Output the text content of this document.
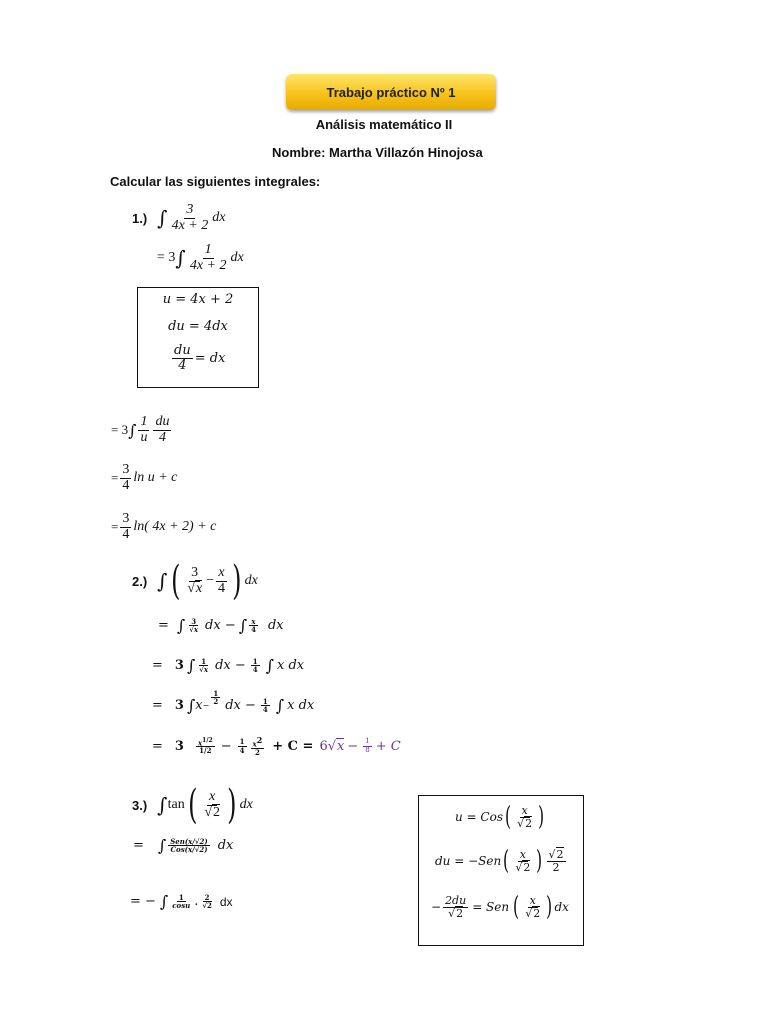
Trabajo práctico Nº 1
Análisis matemático II
Nombre: Martha Villazón Hinojosa
Calcular las siguientes integrales:
1.) ∫ $\frac{3}{4x + 2}$ dx
= 3 ∫ $\frac{1}{4x + 2}$ dx
u = 4x + 2
du = 4dx
$\frac{du}{4}$ = dx
= 3 ∫ $\frac{1}{u} \frac{du}{4}$
= $\frac{3}{4}$ ln u + c
= $\frac{3}{4} \ln$( 4x + 2) + c
2.) ∫ ( $\frac{3}{√x} - \frac{x}{4}$ ) dx
= ∫ $\frac{3}{√x}$ dx − ∫ $\frac{x}{4}$ dx
= 3 ∫ $\frac{1}{√x}$ dx − $\frac{1}{4}$ ∫ x dx
= 3 ∫ $x - \frac{1}{2}$ dx − $\frac{1}{4}$ ∫ x dx
= $3 \frac{x1/2}{1/2} - \frac{1}{4} \frac{x^2}{2} + C = 6$ √ $x - \frac{1}{8} + C$
3.) ∫ tan ( $\frac{x}{√2}$ ) dx
= ∫ $\frac{\text{Sen(x/√2)}}{\text{Cos(x/√2)}}$ dx
= − ∫ $\frac{1}{\cos u}$ . $\frac{2}{√2}$ dx
u = Cos ( $\frac{x}{√2}$ )
du = −Sen ( $\frac{x}{√2}$ ) $\frac{√2}{2}$
− $\frac{2du}{√2}$ = Sen ( $\frac{x}{√2}$ ) dx
